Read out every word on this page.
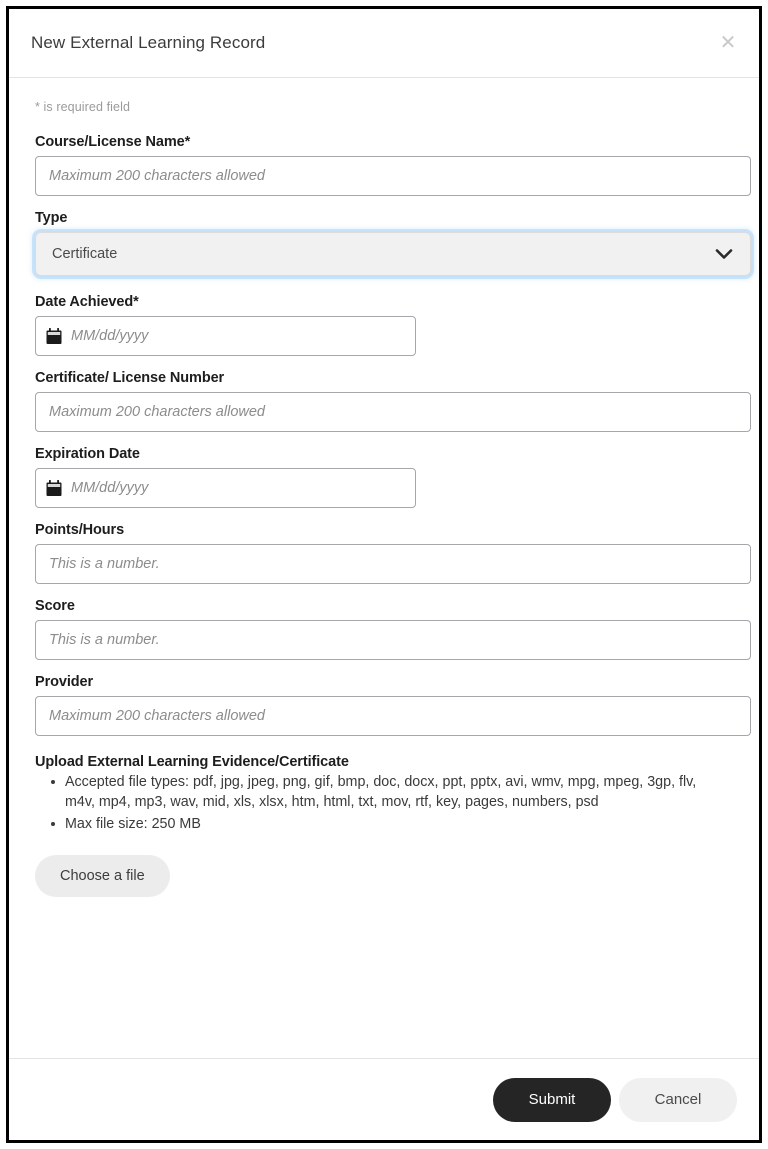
New External Learning Record	✕

* is required field

Course/License Name*
Maximum 200 characters allowed
Type
Certificate
Date Achieved*
MM/dd/yyyy
Certificate/ License Number
Maximum 200 characters allowed
Expiration Date
MM/dd/yyyy
Points/Hours
This is a number.
Score
This is a number.
Provider
Maximum 200 characters allowed
Upload External Learning Evidence/Certificate
Accepted file types: pdf, jpg, jpeg, png, gif, bmp, doc, docx, ppt, pptx, avi, wmv, mpg, mpeg, 3gp, flv, m4v, mp4, mp3, wav, mid, xls, xlsx, htm, html, txt, mov, rtf, key, pages, numbers, psd
Max file size: 250 MB
Choose a file
Submit	Cancel
